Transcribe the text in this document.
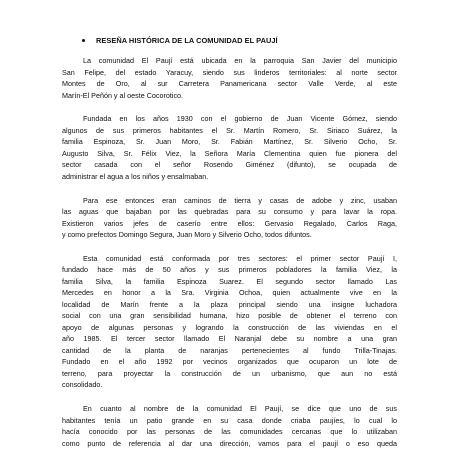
RESEÑA HISTÓRICA DE LA COMUNIDAD EL PAUJÍ
La comunidad El Paují está ubicada en la parroquia San Javier del municipio
San Felipe, del estado Yaracuy, siendo sus linderos territoriales: al norte sector
Montes de Oro, al sur Carretera Panamericana sector Valle Verde, al este
Marín-El Peñón y al oeste Cocorotico.
Fundada en los años 1930 con el gobierno de Juan Vicente Gómez, siendo
algunos de sus primeros habitantes el Sr. Martín Romero, Sr. Siriaco Suárez, la
familia Espinoza, Sr. Juan Moro, Sr. Fabián Martínez, Sr. Silverio Ocho, Sr.
Augusto Silva, Sr. Félix Viez, la Señora María Clementina quien fue pionera del
sector casada con el señor Rosendo Giménez (difunto), se ocupada de
administrar el agua a los niños y ensalmaban.
Para ese entonces eran caminos de tierra y casas de adobe y zinc, usaban
las aguas que bajaban por las quebradas para su consumo y para lavar la ropa.
Existieron varios jefes de caserío entre ellos: Gervasio Regalado, Carlos Raga,
y como prefectos Domingo Segura, Juan Moro y Silverio Ocho, todos difuntos.
Esta comunidad está conformada por tres sectores: el primer sector Paují I,
fundado hace más de 50 años y sus primeros pobladores la familia Viez, la
familia Silva, la familia Espinoza Suarez. El segundo sector llamado Las
Mercedes en honor a la Sra. Virginia Ochoa, quien actualmente vive en la
localidad de Marín frente a la plaza principal siendo una insigne luchadora
social con una gran sensibilidad humana, hizo posible de obtener el terreno con
apoyo de algunas personas y logrando la construcción de las viviendas en el
año 1985. El tercer sector llamado El Naranjal debe su nombre a una gran
cantidad de la planta de naranjas pertenecientes al fundo Trilla-Tinajas.
Fundado en el año 1992 por vecinos organizados que ocuparon un lote de
terreno, para proyectar la construcción de un urbanismo, que aun no está
consolidado.
En cuanto al nombre de la comunidad El Paují, se dice que uno de sus
habitantes tenía un patio grande en su casa donde criaba paujíes, lo cual lo
hacía conocido por las personas de las comunidades cercanas que lo utilizaban
como punto de referencia al dar una dirección, vamos para el paují o eso queda
